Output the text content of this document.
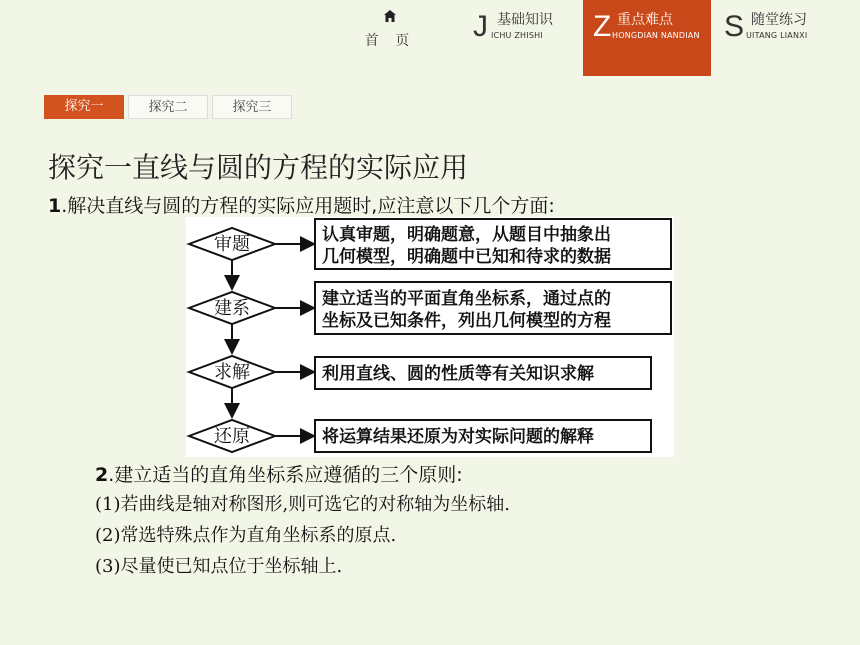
首 页 J 基础知识
ICHU ZHISHI Z 重点难点
HONGDIAN NANDIAN S 随堂练习
UITANG LIANXI
探究一	探究二	探究三
探究一直线与圆的方程的实际应用
1.解决直线与圆的方程的实际应用题时,应注意以下几个方面:
审题	认真审题，明确题意，从题目中抽象出
几何模型，明确题中已知和待求的数据
建系	建立适当的平面直角坐标系，通过点的
坐标及已知条件，列出几何模型的方程
求解	利用直线、圆的性质等有关知识求解
还原	将运算结果还原为对实际问题的解释
2.建立适当的直角坐标系应遵循的三个原则:
(1)若曲线是轴对称图形,则可选它的对称轴为坐标轴.
(2)常选特殊点作为直角坐标系的原点.
(3)尽量使已知点位于坐标轴上.
